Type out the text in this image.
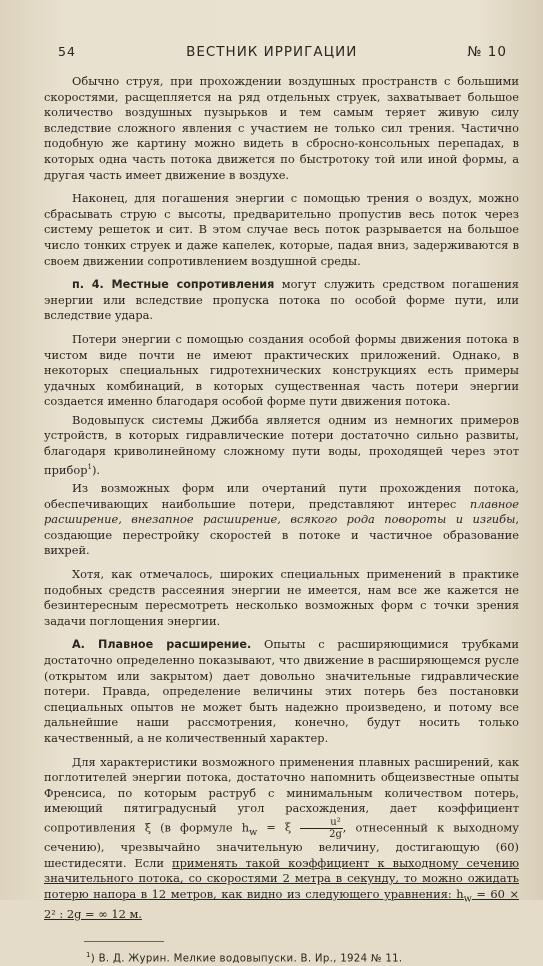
54	ВЕСТНИК ИРРИГАЦИИ	№ 10

Обычно струя, при прохождении воздушных пространств с большими скоростями, расщепляется на ряд отдельных струек, захватывает большое количество воздушных пузырьков и тем самым теряет живую силу вследствие сложного явления с участием не только сил трения. Частично подобную же картину можно видеть в сбросно-консольных перепадах, в которых одна часть потока движется по быстротоку той или иной формы, а другая часть имеет движение в воздухе.

Наконец, для погашения энергии с помощью трения о воздух, можно сбрасывать струю с высоты, предварительно пропустив весь поток через систему решеток и сит. В этом случае весь поток разрывается на большое число тонких струек и даже капелек, которые, падая вниз, задерживаются в своем движении сопротивлением воздушной среды.

п. 4. Местные сопротивления могут служить средством погашения энергии или вследствие пропуска потока по особой форме пути, или вследствие удара.

Потери энергии с помощью создания особой формы движения потока в чистом виде почти не имеют практических приложений. Однако, в некоторых специальных гидротехнических конструкциях есть примеры удачных комбинаций, в которых существенная часть потери энергии создается именно благодаря особой форме пути движения потока.

Водовыпуск системы Джибба является одним из немногих примеров устройств, в которых гидравлические потери достаточно сильно развиты, благодаря криволинейному сложному пути воды, проходящей через этот прибор$^1$).

Из возможных форм или очертаний пути прохождения потока, обеспечивающих наибольшие потери, представляют интерес плавное расширение, внезапное расширение, всякого рода повороты и изгибы, создающие перестройку скоростей в потоке и частичное образование вихрей.

Хотя, как отмечалось, широких специальных применений в практике подобных средств рассеяния энергии не имеется, нам все же кажется не безинтересным пересмотреть несколько возможных форм с точки зрения задачи поглощения энергии.

А. Плавное расширение. Опыты с расширяющимися трубками достаточно определенно показывают, что движение в расширяющемся русле (открытом или закрытом) дает довольно значительные гидравлические потери. Правда, определение величины этих потерь без постановки специальных опытов не может быть надежно произведено, и потому все дальнейшие наши рассмотрения, конечно, будут носить только качественный, а не количественный характер.

Для характеристики возможного применения плавных расширений, как поглотителей энергии потока, достаточно напомнить общеизвестные опыты Френсиса, по которым раструб с минимальным количеством потерь, имеющий пятиградусный угол расхождения, дает коэффициент сопротивления ξ (в формуле $h_w = \xi \frac{\text{u²}}{2g}$ , отнесенный к выходному сечению), чрезвычайно значительную величину, достигающую (60) шестидесяти. Если применять такой коэффициент к выходному сечению значительного потока, со скоростями 2 метра в секунду, то можно ожидать потерю напора в 12 метров, как видно из следующего уравнения: $h_w = 60 \times 2^2$ : 2g = ∞ 12 м.

$^1$) В. Д. Журин. Мелкие водовыпуски. В. Ир., 1924 № 11.
